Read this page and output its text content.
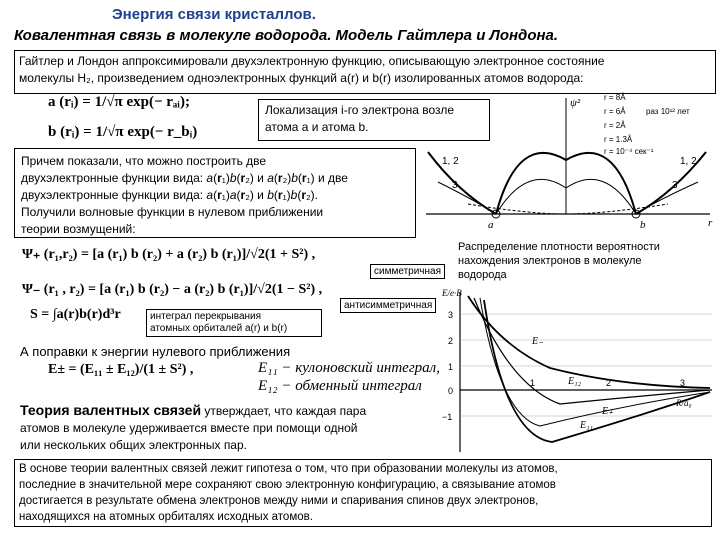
Энергия связи кристаллов.
Ковалентная связь в молекуле водорода. Модель Гайтлера и Лондона.
Гайтлер и Лондон аппроксимировали двухэлектронную функцию, описывающую электронное состояние
молекулы H₂, произведением одноэлектронных функций a(r) и b(r) изолированных атомов водорода:
a (rᵢ) = 1/√π exp(− rₐᵢ);
b (rᵢ) = 1/√π exp(− r_bᵢ)
Локализация i-го электрона возле
атома a и атома b.
Причем показали, что можно построить две
двухэлектронные функции вида: a(r₁)b(r₂) и a(r₂)b(r₁) и две
двухэлектронные функции вида: a(r₁)a(r₂) и b(r₁)b(r₂).
Получили волновые функции в нулевом приближении
теории возмущений:
ψ²
r
a	b
1, 2
3	3
1, 2
r = 8Å
r = 6Å
r = 2Å
раз 10¹² лет
r = 1.3Å
r = 10⁻⁴ сек⁻¹
Распределение плотности вероятности
нахождения электронов в молекуле
водорода
Ψ₊ (r₁,r₂) = [a (r₁) b (r₂) + a (r₂) b (r₁)]/√2(1 + S²) ,
симметричная
Ψ₋ (r₁ , r₂) = [a (r₁) b (r₂) − a (r₂) b (r₁)]/√2(1 − S²) ,
антисимметричная
S = ∫a(r)b(r)d³r	интеграл перекрывания
атомных орбиталей a(r) и b(r)
А поправки к энергии нулевого приближения
E± = (E₁₁ ± E₁₂)/(1 ± S²) ,	E₁₁ − кулоновский интеграл,
E₁₂ − обменный интеграл
Теория валентных связей утверждает, что каждая пара
атомов в молекуле удерживается вместе при помощи одной
или нескольких общих электронных пар.
E/e·B
R/a₀
3
2
1
0
−1
1	2	3
E₋
E₁₂
E₊
E₁₁
В основе теории валентных связей лежит гипотеза о том, что при образовании молекулы из атомов,
последние в значительной мере сохраняют свою электронную конфигурацию, а связывание атомов
достигается в результате обмена электронов между ними и спаривания спинов двух электронов,
находящихся на атомных орбиталях исходных атомов.
